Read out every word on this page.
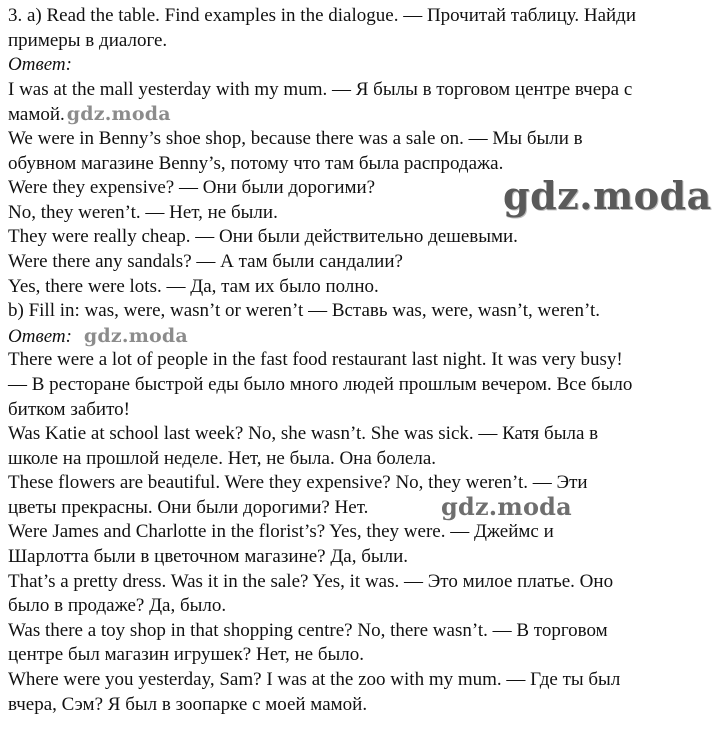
3. a) Read the table. Find examples in the dialogue. — Прочитай таблицу. Найди
примеры в диалоге.
Ответ:
I was at the mall yesterday with my mum. — Я былы в торговом центре вчера с
мамой. gdz.moda
We were in Benny’s shoe shop, because there was a sale on. — Мы были в
обувном магазине Benny’s, потому что там была распродажа.
Were they expensive? — Они были дорогими?
No, they weren’t. — Нет, не были.
They were really cheap. — Они были действительно дешевыми.
Were there any sandals? — А там были сандалии?
Yes, there were lots. — Да, там их было полно.
b) Fill in: was, were, wasn’t or weren’t — Вставь was, were, wasn’t, weren’t.
Ответ: gdz.moda
There were a lot of people in the fast food restaurant last night. It was very busy!
— В ресторане быстрой еды было много людей прошлым вечером. Все было
битком забито!
Was Katie at school last week? No, she wasn’t. She was sick. — Катя была в
школе на прошлой неделе. Нет, не была. Она болела.
These flowers are beautiful. Were they expensive? No, they weren’t. — Эти
цветы прекрасны. Они были дорогими? Нет.
Were James and Charlotte in the florist’s? Yes, they were. — Джеймс и
Шарлотта были в цветочном магазине? Да, были.
That’s a pretty dress. Was it in the sale? Yes, it was. — Это милое платье. Оно
было в продаже? Да, было.
Was there a toy shop in that shopping centre? No, there wasn’t. — В торговом
центре был магазин игрушек? Нет, не было.
Where were you yesterday, Sam? I was at the zoo with my mum. — Где ты был
вчера, Сэм? Я был в зоопарке с моей мамой.
gdz.moda
gdz.moda
